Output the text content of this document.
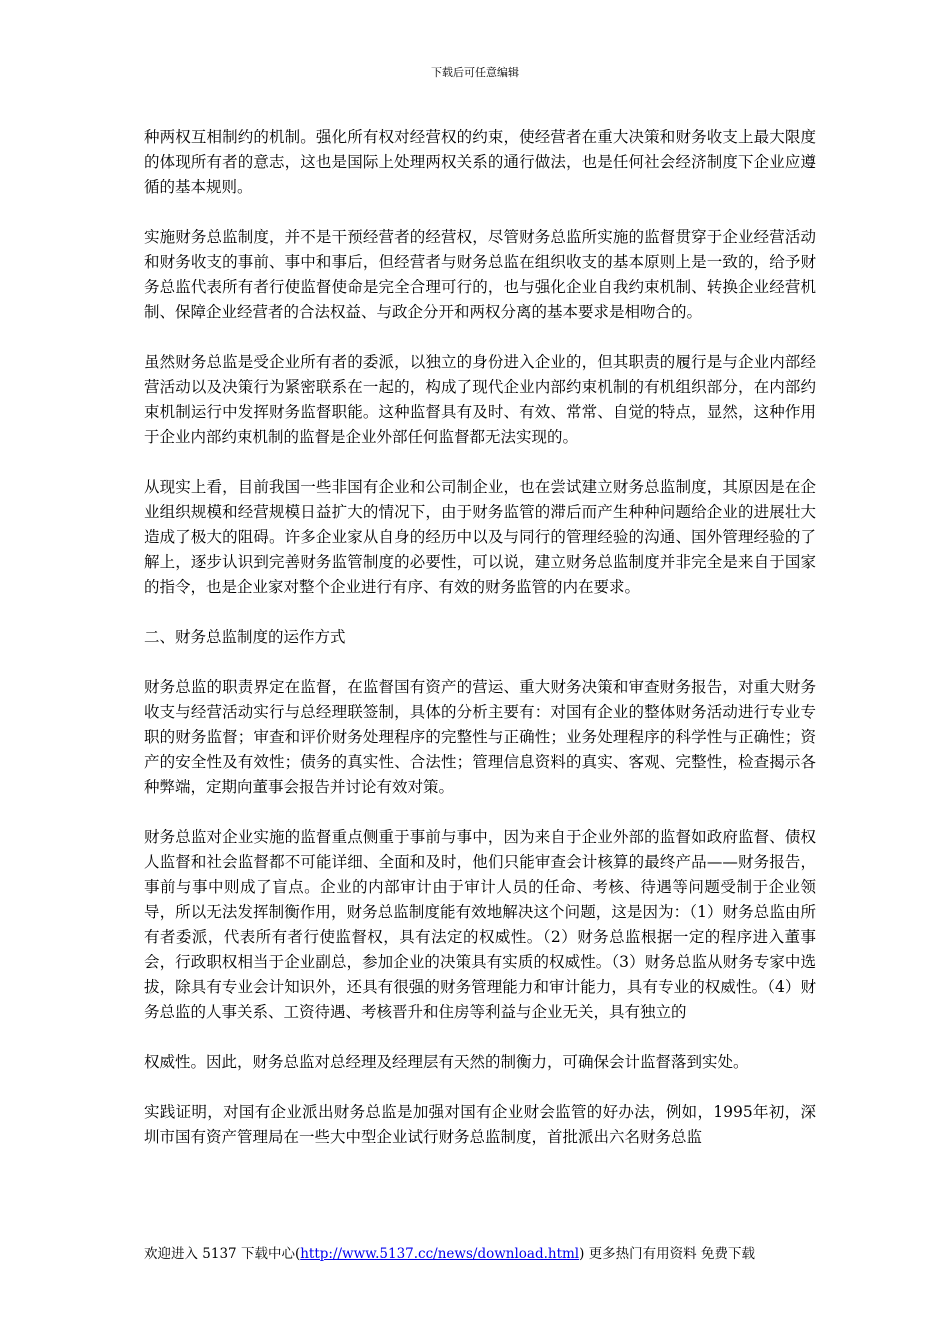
下载后可任意编辑

种两权互相制约的机制。强化所有权对经营权的约束，使经营者在重大决策和财务收支上最大限度的体现所有者的意志，这也是国际上处理两权关系的通行做法，也是任何社会经济制度下企业应遵循的基本规则。

实施财务总监制度，并不是干预经营者的经营权，尽管财务总监所实施的监督贯穿于企业经营活动和财务收支的事前、事中和事后，但经营者与财务总监在组织收支的基本原则上是一致的，给予财务总监代表所有者行使监督使命是完全合理可行的，也与强化企业自我约束机制、转换企业经营机制、保障企业经营者的合法权益、与政企分开和两权分离的基本要求是相吻合的。

虽然财务总监是受企业所有者的委派，以独立的身份进入企业的，但其职责的履行是与企业内部经营活动以及决策行为紧密联系在一起的，构成了现代企业内部约束机制的有机组织部分，在内部约束机制运行中发挥财务监督职能。这种监督具有及时、有效、常常、自觉的特点，显然，这种作用于企业内部约束机制的监督是企业外部任何监督都无法实现的。

从现实上看，目前我国一些非国有企业和公司制企业，也在尝试建立财务总监制度，其原因是在企业组织规模和经营规模日益扩大的情况下，由于财务监管的滞后而产生种种问题给企业的进展壮大造成了极大的阻碍。许多企业家从自身的经历中以及与同行的管理经验的沟通、国外管理经验的了解上，逐步认识到完善财务监管制度的必要性，可以说，建立财务总监制度并非完全是来自于国家的指令，也是企业家对整个企业进行有序、有效的财务监管的内在要求。

二、财务总监制度的运作方式

财务总监的职责界定在监督，在监督国有资产的营运、重大财务决策和审查财务报告，对重大财务收支与经营活动实行与总经理联签制，具体的分析主要有：对国有企业的整体财务活动进行专业专职的财务监督；审查和评价财务处理程序的完整性与正确性；业务处理程序的科学性与正确性；资产的安全性及有效性；债务的真实性、合法性；管理信息资料的真实、客观、完整性，检查揭示各种弊端，定期向董事会报告并讨论有效对策。

财务总监对企业实施的监督重点侧重于事前与事中，因为来自于企业外部的监督如政府监督、债权人监督和社会监督都不可能详细、全面和及时，他们只能审查会计核算的最终产品——财务报告，事前与事中则成了盲点。企业的内部审计由于审计人员的任命、考核、待遇等问题受制于企业领导，所以无法发挥制衡作用，财务总监制度能有效地解决这个问题，这是因为：（1）财务总监由所有者委派，代表所有者行使监督权，具有法定的权威性。（2）财务总监根据一定的程序进入董事会，行政职权相当于企业副总，参加企业的决策具有实质的权威性。（3）财务总监从财务专家中选拔，除具有专业会计知识外，还具有很强的财务管理能力和审计能力，具有专业的权威性。（4）财务总监的人事关系、工资待遇、考核晋升和住房等利益与企业无关，具有独立的

权威性。因此，财务总监对总经理及经理层有天然的制衡力，可确保会计监督落到实处。

实践证明，对国有企业派出财务总监是加强对国有企业财会监管的好办法，例如，1995年初，深圳市国有资产管理局在一些大中型企业试行财务总监制度，首批派出六名财务总监

欢迎进入 5137 下载中心(http://www.5137.cc/news/download.html) 更多热门有用资料 免费下载
